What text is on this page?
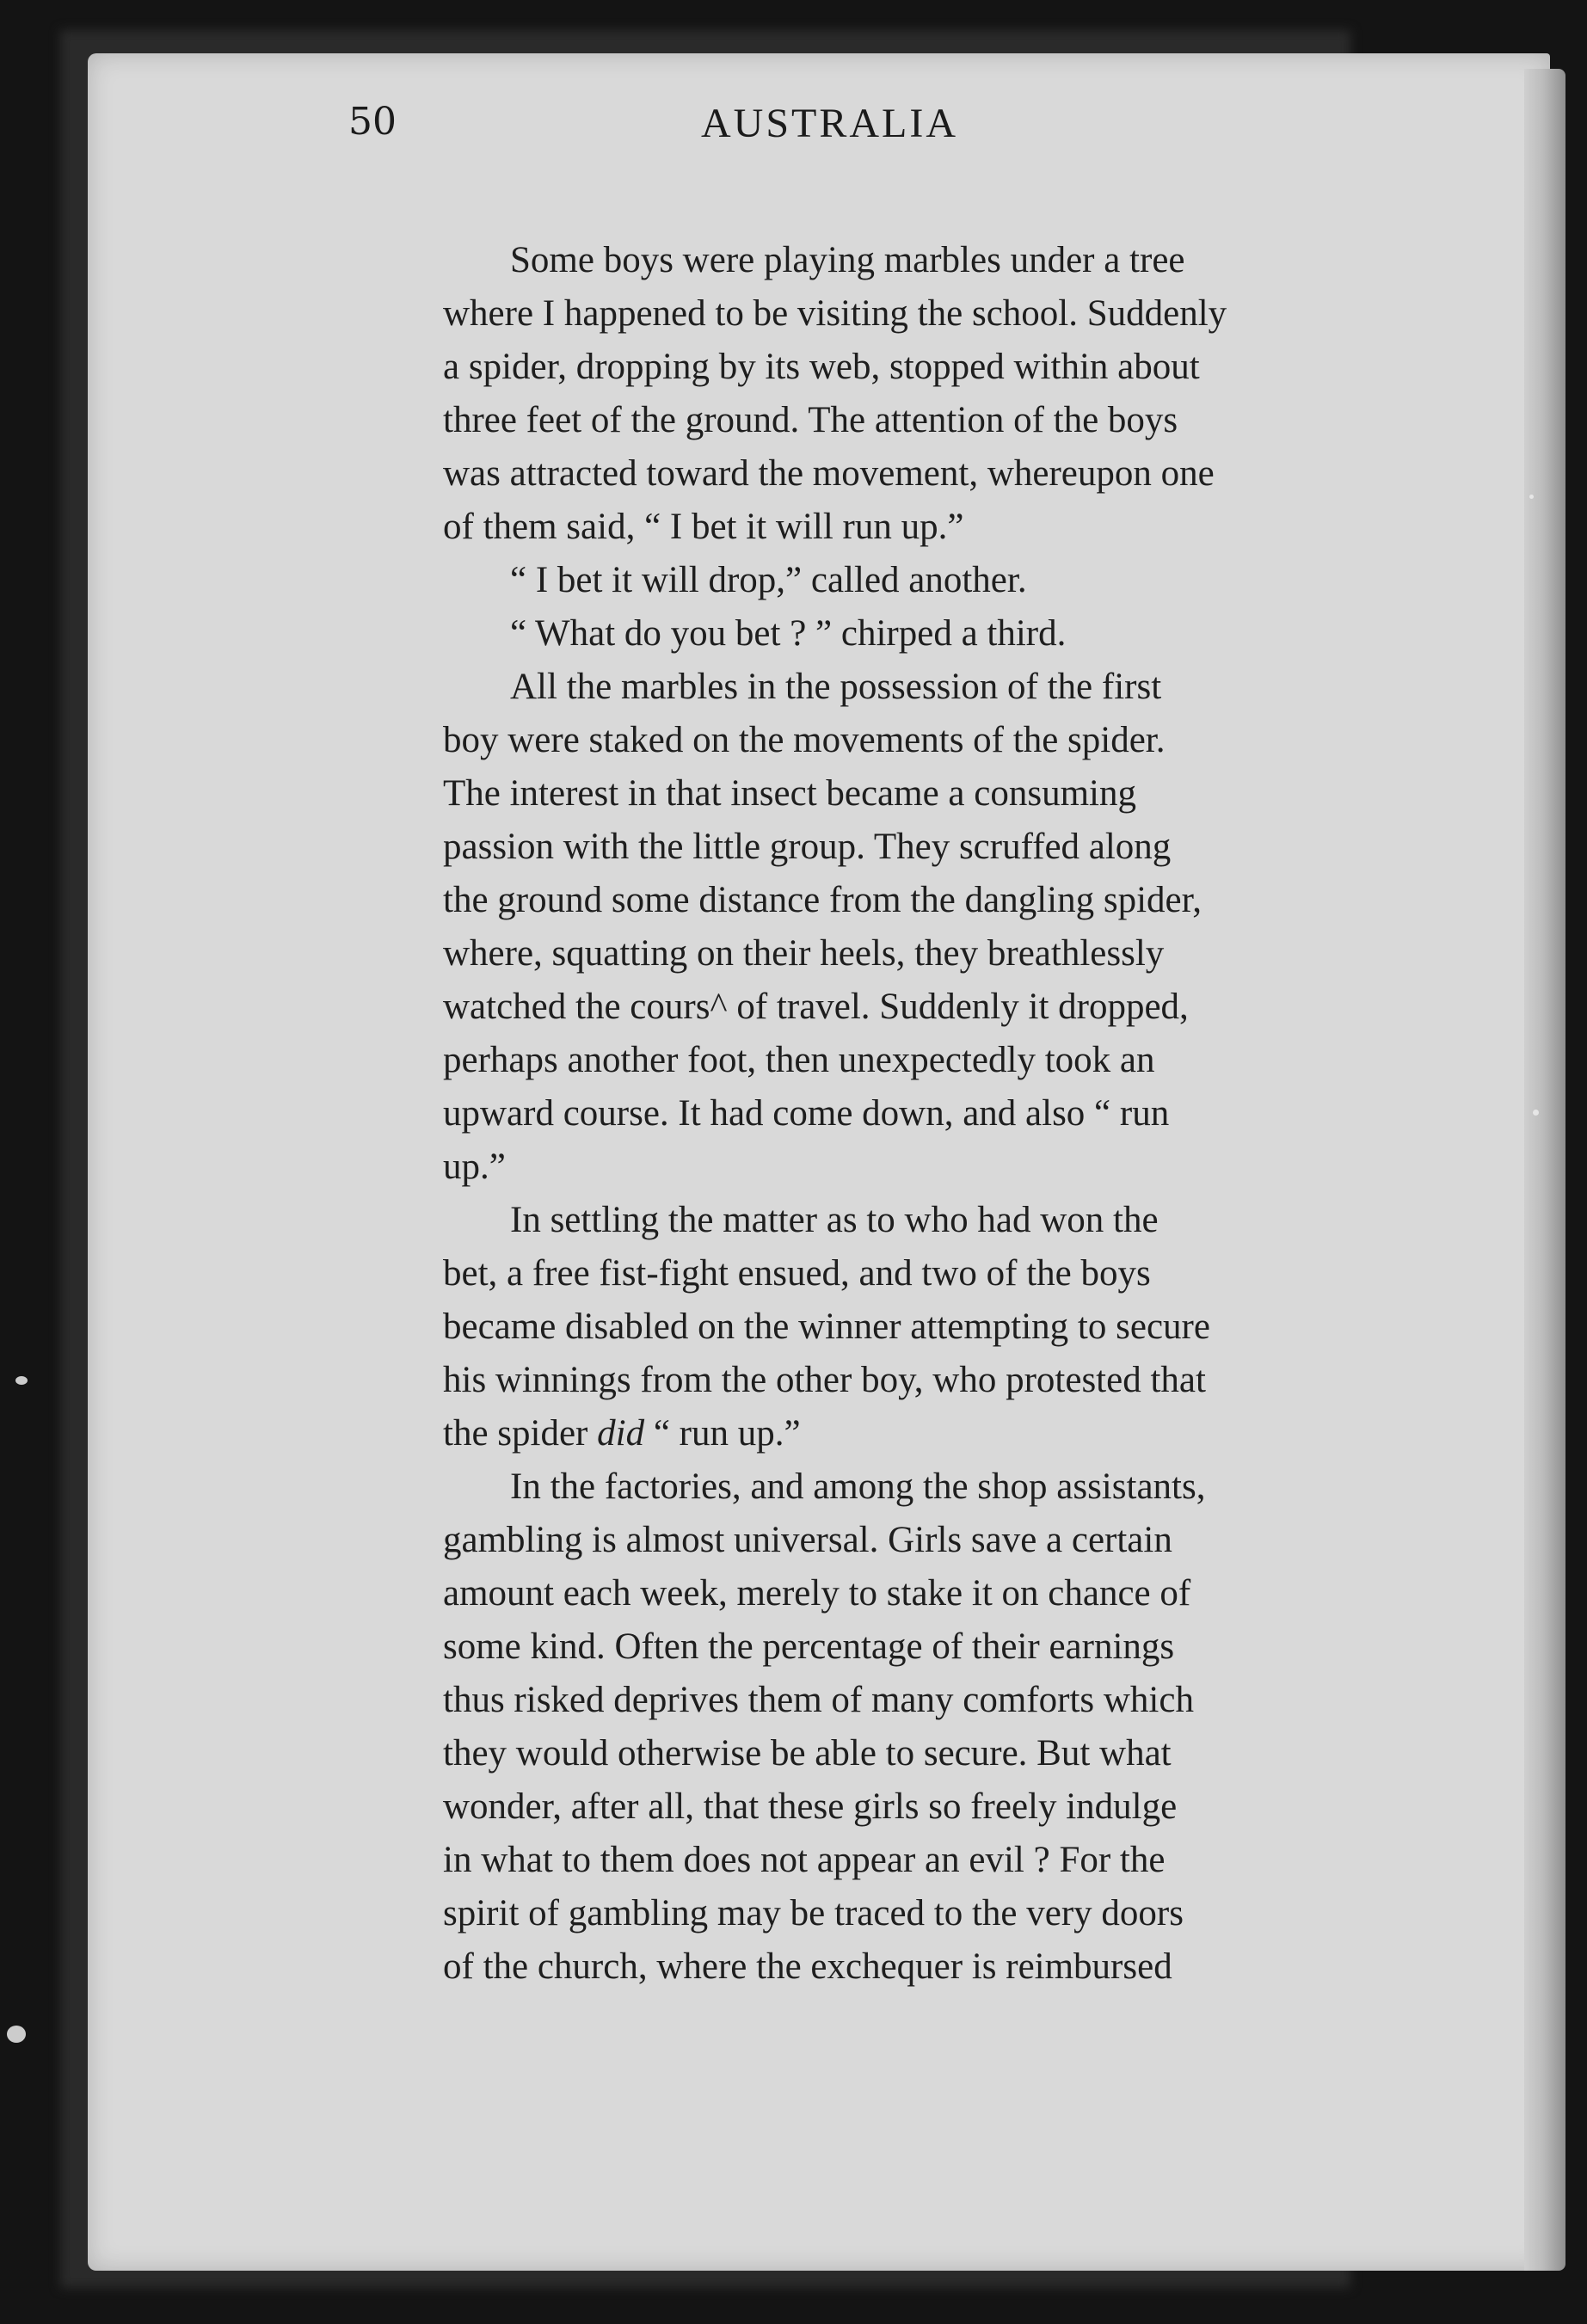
50	AUSTRALIA
Some boys were playing marbles under a tree
where I happened to be visiting the school. Suddenly
a spider, dropping by its web, stopped within about
three feet of the ground. The attention of the boys
was attracted toward the movement, whereupon one
of them said, “ I bet it will run up.”
“ I bet it will drop,” called another.
“ What do you bet ? ” chirped a third.
All the marbles in the possession of the first
boy were staked on the movements of the spider.
The interest in that insect became a consuming
passion with the little group. They scruffed along
the ground some distance from the dangling spider,
where, squatting on their heels, they breathlessly
watched the cours^ of travel. Suddenly it dropped,
perhaps another foot, then unexpectedly took an
upward course. It had come down, and also “ run
up.”
In settling the matter as to who had won the
bet, a free fist-fight ensued, and two of the boys
became disabled on the winner attempting to secure
his winnings from the other boy, who protested that
the spider did “ run up.”
In the factories, and among the shop assistants,
gambling is almost universal. Girls save a certain
amount each week, merely to stake it on chance of
some kind. Often the percentage of their earnings
thus risked deprives them of many comforts which
they would otherwise be able to secure. But what
wonder, after all, that these girls so freely indulge
in what to them does not appear an evil ? For the
spirit of gambling may be traced to the very doors
of the church, where the exchequer is reimbursed
